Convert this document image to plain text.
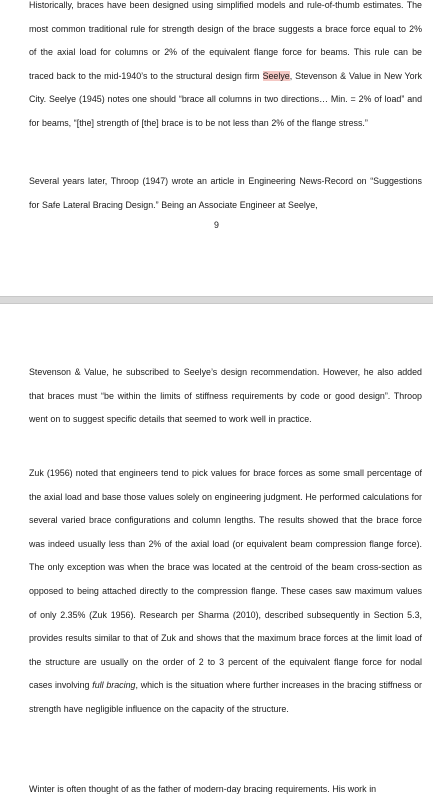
Historically, braces have been designed using simplified models and rule-of-thumb estimates. The most common traditional rule for strength design of the brace suggests a brace force equal to 2% of the axial load for columns or 2% of the equivalent flange force for beams. This rule can be traced back to the mid-1940’s to the structural design firm Seelye, Stevenson & Value in New York City. Seelye (1945) notes one should “brace all columns in two directions… Min. = 2% of load” and for beams, “[the] strength of [the] brace is to be not less than 2% of the flange stress.”

Several years later, Throop (1947) wrote an article in Engineering News-Record on “Suggestions for Safe Lateral Bracing Design.” Being an Associate Engineer at Seelye,

9

Stevenson & Value, he subscribed to Seelye’s design recommendation. However, he also added that braces must “be within the limits of stiffness requirements by code or good design”. Throop went on to suggest specific details that seemed to work well in practice.

Zuk (1956) noted that engineers tend to pick values for brace forces as some small percentage of the axial load and base those values solely on engineering judgment. He performed calculations for several varied brace configurations and column lengths. The results showed that the brace force was indeed usually less than 2% of the axial load (or equivalent beam compression flange force). The only exception was when the brace was located at the centroid of the beam cross-section as opposed to being attached directly to the compression flange. These cases saw maximum values of only 2.35% (Zuk 1956). Research per Sharma (2010), described subsequently in Section 5.3, provides results similar to that of Zuk and shows that the maximum brace forces at the limit load of the structure are usually on the order of 2 to 3 percent of the equivalent flange force for nodal cases involving full bracing, which is the situation where further increases in the bracing stiffness or strength have negligible influence on the capacity of the structure.

Winter is often thought of as the father of modern-day bracing requirements. His work in
